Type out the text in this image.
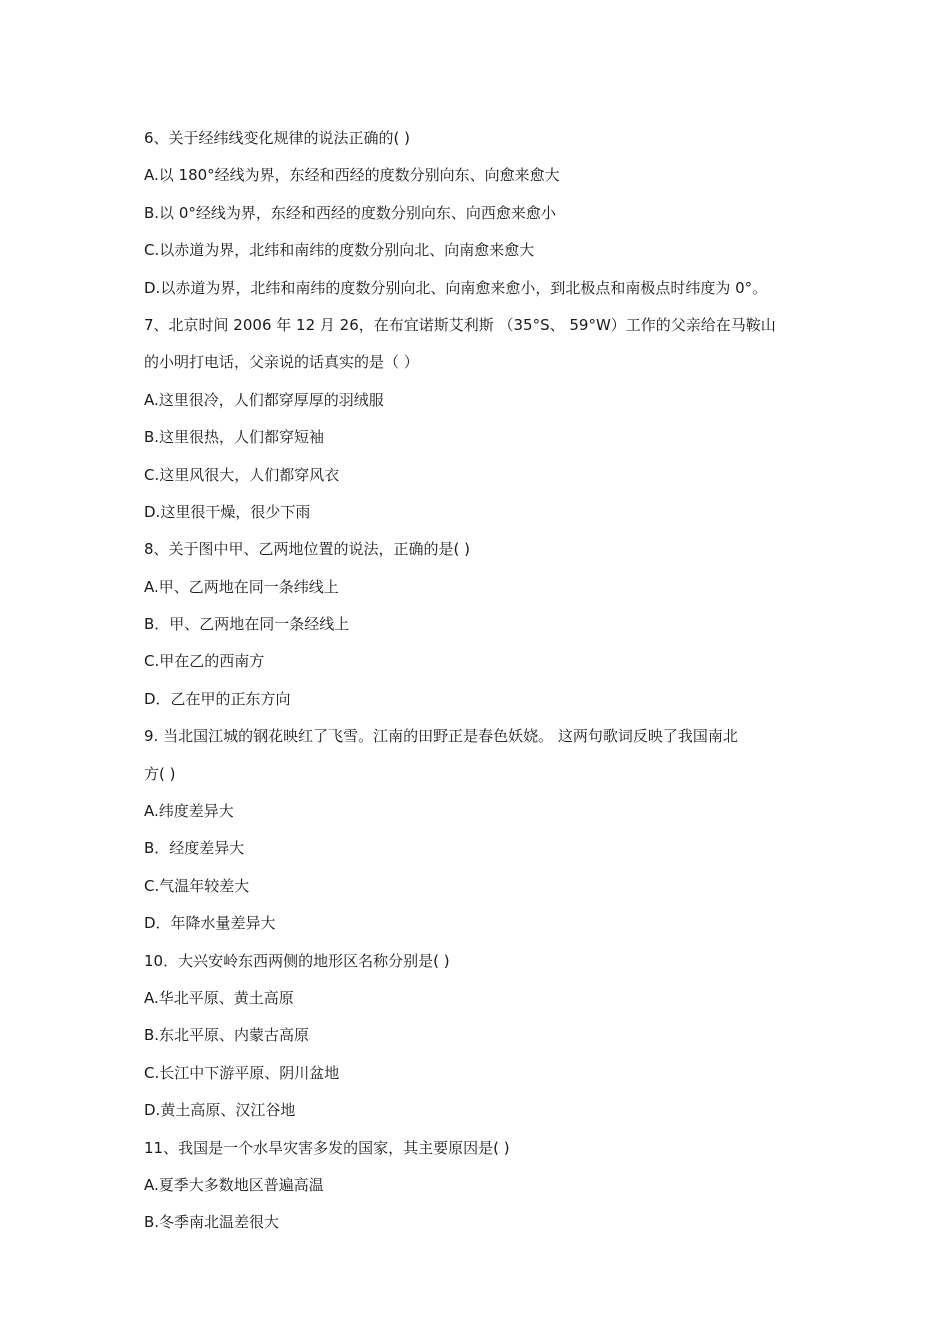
6、关于经纬线变化规律的说法正确的( )
A.以 180°经线为界，东经和西经的度数分别向东、向愈来愈大
B.以 0°经线为界，东经和西经的度数分别向东、向西愈来愈小
C.以赤道为界，北纬和南纬的度数分别向北、向南愈来愈大
D.以赤道为界，北纬和南纬的度数分别向北、向南愈来愈小，到北极点和南极点时纬度为 0°。
7、北京时间 2006 年 12 月 26，在布宜诺斯艾利斯 （35°S、 59°W）工作的父亲给在马鞍山
的小明打电话，父亲说的话真实的是（ ）
A.这里很冷，人们都穿厚厚的羽绒服
B.这里很热，人们都穿短袖
C.这里风很大，人们都穿风衣
D.这里很干燥，很少下雨
8、关于图中甲、乙两地位置的说法，正确的是( )
A.甲、乙两地在同一条纬线上
B．甲、乙两地在同一条经线上
C.甲在乙的西南方
D．乙在甲的正东方向
9. 当北国江城的钢花映红了飞雪。江南的田野正是春色妖娆。 这两句歌词反映了我国南北
方( )
A.纬度差异大
B．经度差异大
C.气温年较差大
D．年降水量差异大
10．大兴安岭东西两侧的地形区名称分别是( )
A.华北平原、黄土高原
B.东北平原、内蒙古高原
C.长江中下游平原、阴川盆地
D.黄土高原、汉江谷地
11、我国是一个水旱灾害多发的国家，其主要原因是( )
A.夏季大多数地区普遍高温
B.冬季南北温差很大
